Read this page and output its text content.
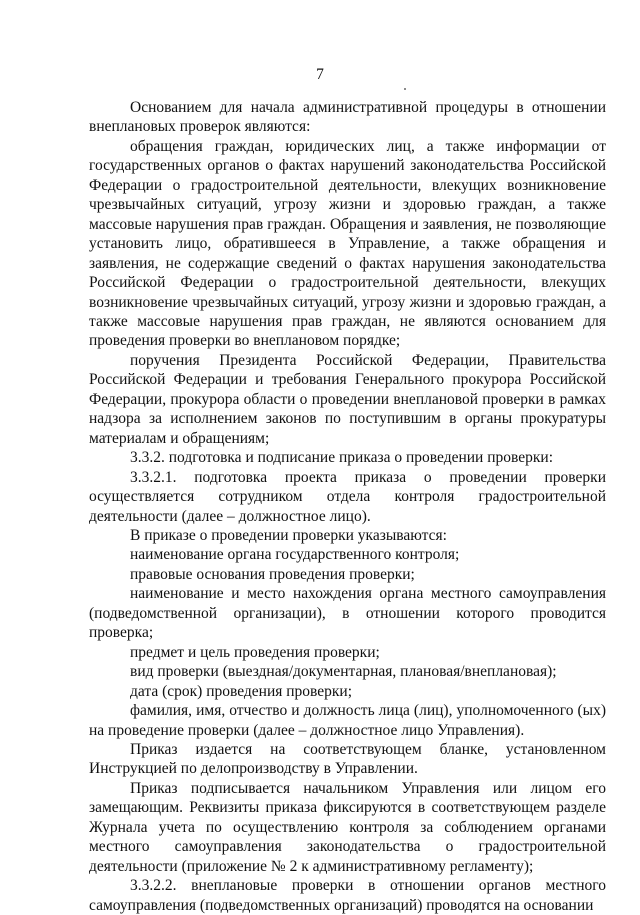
7

Основанием для начала административной процедуры в отношении внеплановых проверок являются:

обращения граждан, юридических лиц, а также информации от государственных органов о фактах нарушений законодательства Российской Федерации о градостроительной деятельности, влекущих возникновение чрезвычайных ситуаций, угрозу жизни и здоровью граждан, а также массовые нарушения прав граждан. Обращения и заявления, не позволяющие установить лицо, обратившееся в Управление, а также обращения и заявления, не содержащие сведений о фактах нарушения законодательства Российской Федерации о градостроительной деятельности, влекущих возникновение чрезвычайных ситуаций, угрозу жизни и здоровью граждан, а также массовые нарушения прав граждан, не являются основанием для проведения проверки во внеплановом порядке;

поручения Президента Российской Федерации, Правительства Российской Федерации и требования Генерального прокурора Российской Федерации, прокурора области о проведении внеплановой проверки в рамках надзора за исполнением законов по поступившим в органы прокуратуры материалам и обращениям;

3.3.2. подготовка и подписание приказа о проведении проверки:

3.3.2.1. подготовка проекта приказа о проведении проверки осуществляется сотрудником отдела контроля градостроительной деятельности (далее – должностное лицо).

В приказе о проведении проверки указываются:

наименование органа государственного контроля;

правовые основания проведения проверки;

наименование и место нахождения органа местного самоуправления (подведомственной организации), в отношении которого проводится проверка;

предмет и цель проведения проверки;

вид проверки (выездная/документарная, плановая/внеплановая);

дата (срок) проведения проверки;

фамилия, имя, отчество и должность лица (лиц), уполномоченного (ых) на проведение проверки (далее – должностное лицо Управления).

Приказ издается на соответствующем бланке, установленном Инструкцией по делопроизводству в Управлении.

Приказ подписывается начальником Управления или лицом его замещающим. Реквизиты приказа фиксируются в соответствующем разделе Журнала учета по осуществлению контроля за соблюдением органами местного самоуправления законодательства о градостроительной деятельности (приложение № 2 к административному регламенту);

3.3.2.2. внеплановые проверки в отношении органов местного самоуправления (подведомственных организаций) проводятся на основании
